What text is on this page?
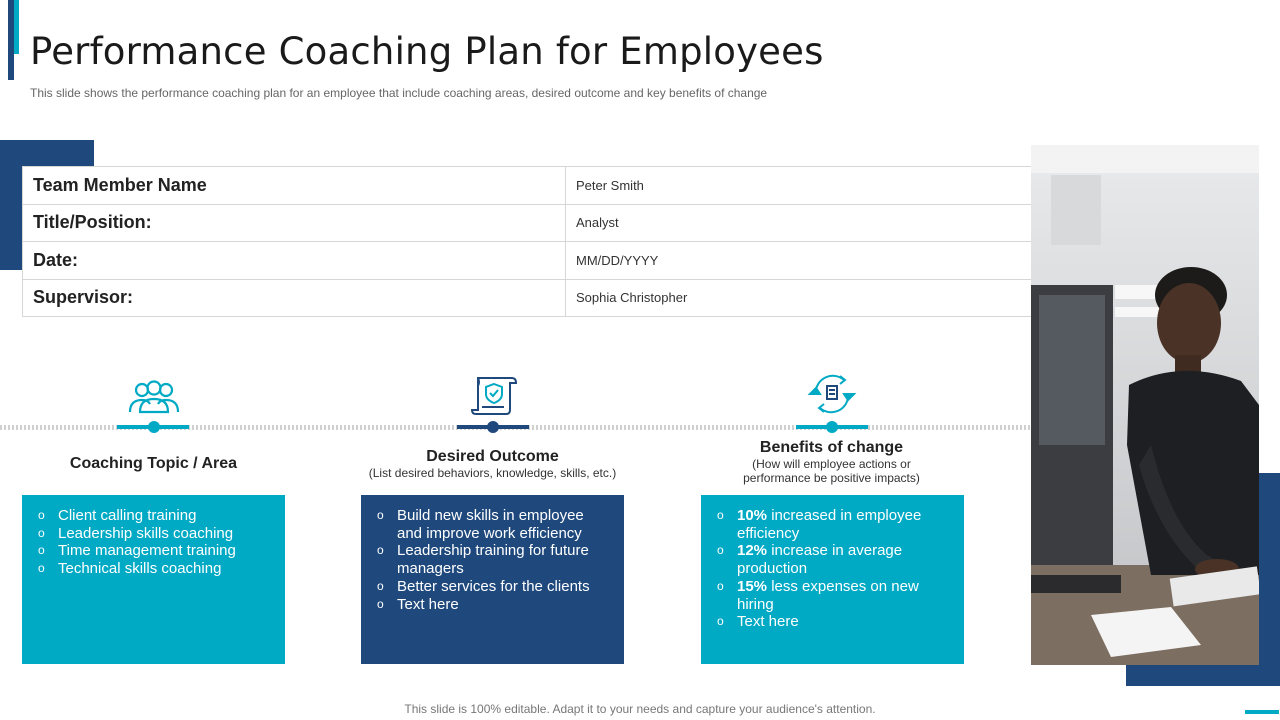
Performance Coaching Plan for Employees

This slide shows the performance coaching plan for an employee that include coaching areas, desired outcome and key benefits of change

Team Member Name	Peter Smith
Title/Position:	Analyst
Date:	MM/DD/YYYY
Supervisor:	Sophia Christopher
Coaching Topic / Area	Desired Outcome
(List desired behaviors, knowledge, skills, etc.)
Benefits of change
(How will employee actions or performance be positive impacts)
o Client calling training
o Leadership skills coaching
o Time management training
o Technical skills coaching
o Build new skills in employee and improve work efficiency
o Leadership training for future managers
o Better services for the clients
o Text here
o 10% increased in employee efficiency
o 12% increase in average production
o 15% less expenses on new hiring
o Text here

This slide is 100% editable. Adapt it to your needs and capture your audience's attention.
